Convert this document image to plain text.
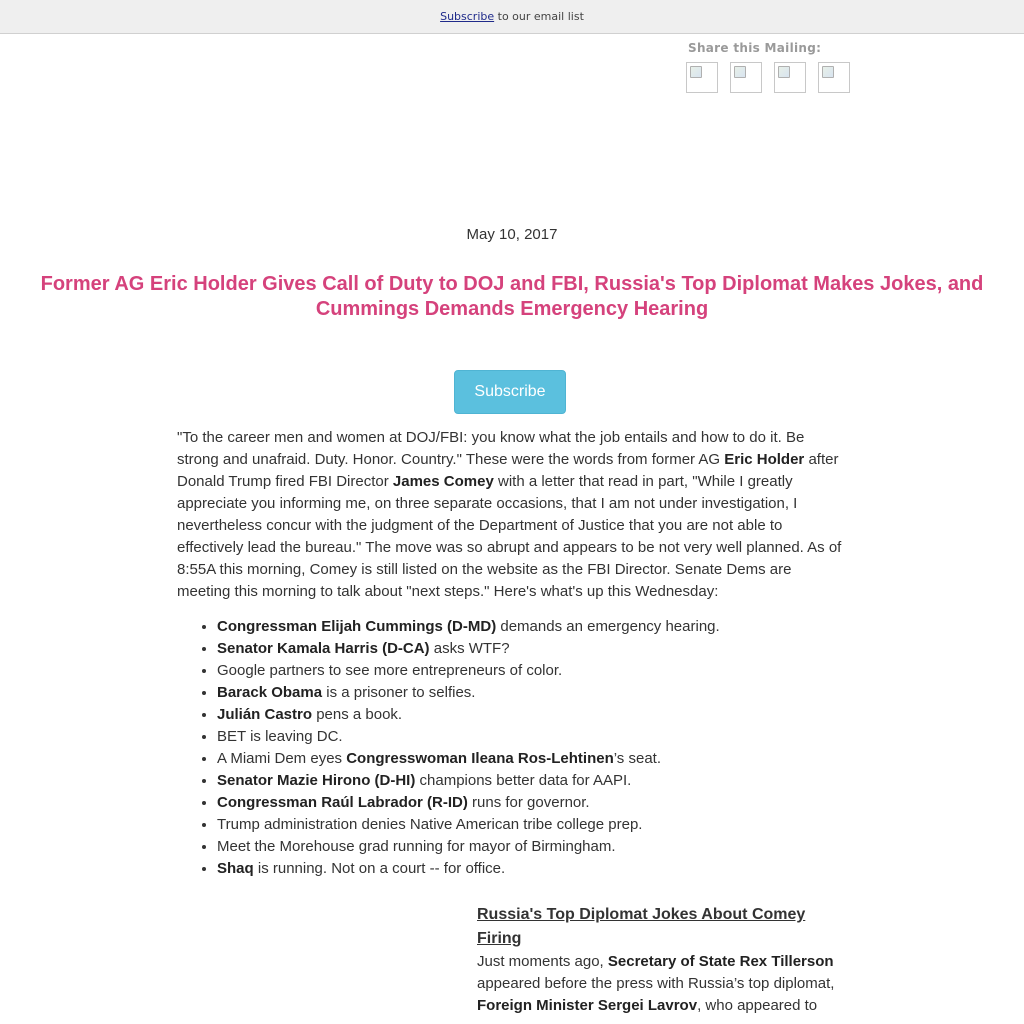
Subscribe to our email list
Share this Mailing:
May 10, 2017
Former AG Eric Holder Gives Call of Duty to DOJ and FBI, Russia's Top Diplomat Makes Jokes, and Cummings Demands Emergency Hearing
Subscribe

"To the career men and women at DOJ/FBI: you know what the job entails and how to do it. Be strong and unafraid. Duty. Honor. Country." These were the words from former AG Eric Holder after Donald Trump fired FBI Director James Comey with a letter that read in part, "While I greatly appreciate you informing me, on three separate occasions, that I am not under investigation, I nevertheless concur with the judgment of the Department of Justice that you are not able to effectively lead the bureau." The move was so abrupt and appears to be not very well planned. As of 8:55A this morning, Comey is still listed on the website as the FBI Director. Senate Dems are meeting this morning to talk about "next steps." Here's what's up this Wednesday:

• Congressman Elijah Cummings (D-MD) demands an emergency hearing.
• Senator Kamala Harris (D-CA) asks WTF?
• Google partners to see more entrepreneurs of color.
• Barack Obama is a prisoner to selfies.
• Julián Castro pens a book.
• BET is leaving DC.
• A Miami Dem eyes Congresswoman Ileana Ros-Lehtinen’s seat.
• Senator Mazie Hirono (D-HI) champions better data for AAPI.
• Congressman Raúl Labrador (R-ID) runs for governor.
• Trump administration denies Native American tribe college prep.
• Meet the Morehouse grad running for mayor of Birmingham.
• Shaq is running. Not on a court -- for office.
Russia's Top Diplomat Jokes About Comey Firing

Just moments ago, Secretary of State Rex Tillerson appeared before the press with Russia’s top diplomat, Foreign Minister Sergei Lavrov, who appeared to
